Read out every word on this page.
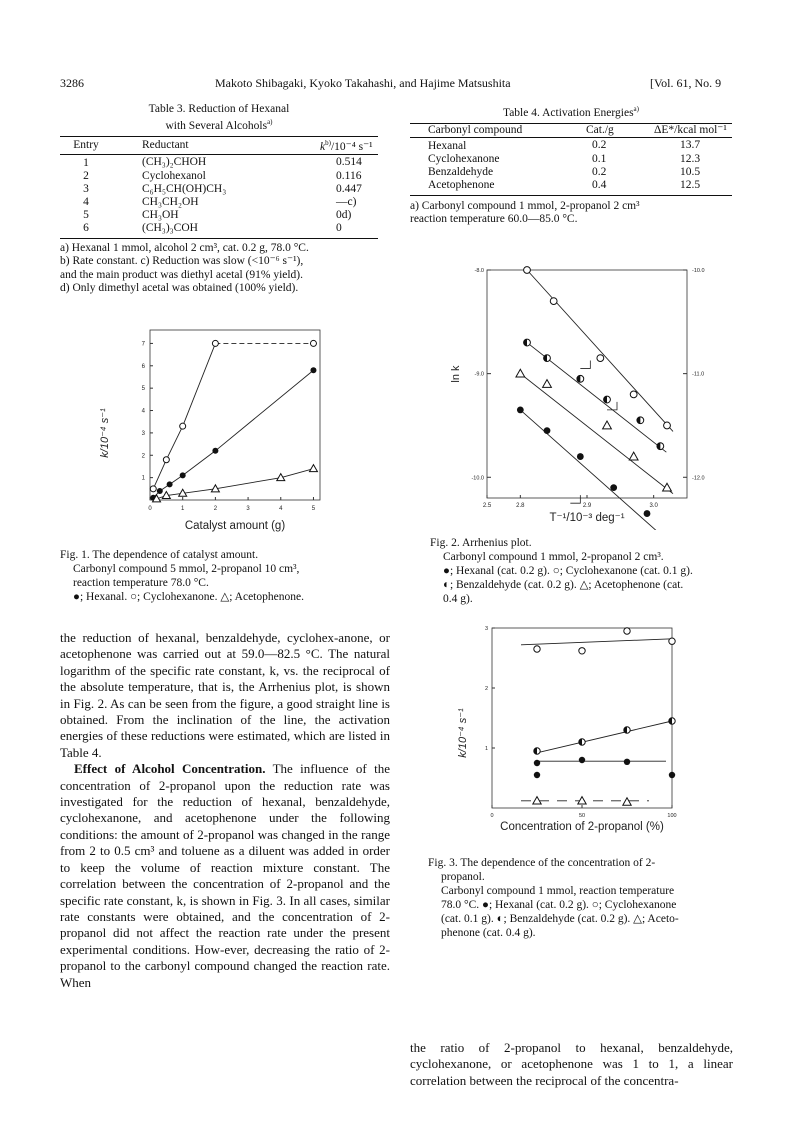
3286	Makoto Shibagaki, Kyoko Takahashi, and Hajime Matsushita	[Vol. 61, No. 9
Table 3. Reduction of Hexanal
with Several Alcohols$^{a)}$
Entry	Reductant	$k^{b)}/10^{-4}$ s⁻¹
1	(CH₃)₂CHOH	0.514
2	Cyclohexanol	0.116
3	C₆H₅CH(OH)CH₃	0.447
4	CH₃CH₂OH	—c)
5	CH₃OH	0d)
6	(CH₃)₃COH	0
a) Hexanal 1 mmol, alcohol 2 cm³, cat. 0.2 g, 78.0 °C.
b) Rate constant. c) Reduction was slow (<10⁻⁶ s⁻¹),
and the main product was diethyl acetal (91% yield).
d) Only dimethyl acetal was obtained (100% yield).
Table 4. Activation Energies$^{a)}$
Carbonyl compound	Cat./g	ΔE*/kcal mol⁻¹
Hexanal	0.2	13.7
Cyclohexanone	0.1	12.3
Benzaldehyde	0.2	10.5
Acetophenone	0.4	12.5
a) Carbonyl compound 1 mmol, 2-propanol 2 cm³
reaction temperature 60.0—85.0 °C.
0	1	2	3	4	5
1
2
3
4
5
6
7
Catalyst amount (g)
k/10⁻⁴ s⁻¹
Fig. 1. The dependence of catalyst amount.
Carbonyl compound 5 mmol, 2-propanol 10 cm³,
reaction temperature 78.0 °C.
●; Hexanal. ○; Cyclohexanone. △; Acetophenone.
2.5	2.8	2.9	3.0
-8.0
-9.0
-10.0
-10.0
-11.0
-12.0
T⁻¹/10⁻³ deg⁻¹
ln k
Fig. 2. Arrhenius plot.
Carbonyl compound 1 mmol, 2-propanol 2 cm³.
●; Hexanal (cat. 0.2 g). ○; Cyclohexanone (cat. 0.1 g).
◐; Benzaldehyde (cat. 0.2 g). △; Acetophenone (cat.
0.4 g).
0	50	100
1
2
3
k/10⁻⁴ s⁻¹
Concentration of 2-propanol (%)
Fig. 3. The dependence of the concentration of 2-
propanol.
Carbonyl compound 1 mmol, reaction temperature
78.0 °C. ●; Hexanal (cat. 0.2 g). ○; Cyclohexanone
(cat. 0.1 g). ◐; Benzaldehyde (cat. 0.2 g). △; Aceto-
phenone (cat. 0.4 g).

the reduction of hexanal, benzaldehyde, cyclohex-anone, or acetophenone was carried out at 59.0—82.5 °C. The natural logarithm of the specific rate constant, k, vs. the reciprocal of the absolute temperature, that is, the Arrhenius plot, is shown in Fig. 2. As can be seen from the figure, a good straight line is obtained. From the inclination of the line, the activation energies of these reductions were estimated, which are listed in Table 4.

Effect of Alcohol Concentration. The influence of the concentration of 2-propanol upon the reduction rate was investigated for the reduction of hexanal, benzaldehyde, cyclohexanone, and acetophenone under the following conditions: the amount of 2-propanol was changed in the range from 2 to 0.5 cm³ and toluene as a diluent was added in order to keep the volume of reaction mixture constant. The correlation between the concentration of 2-propanol and the specific rate constant, k, is shown in Fig. 3. In all cases, similar rate constants were obtained, and the concentration of 2-propanol did not affect the reaction rate under the present experimental conditions. How-ever, decreasing the ratio of 2-propanol to the carbonyl compound changed the reaction rate. When

the ratio of 2-propanol to hexanal, benzaldehyde, cyclohexanone, or acetophenone was 1 to 1, a linear correlation between the reciprocal of the concentra-
